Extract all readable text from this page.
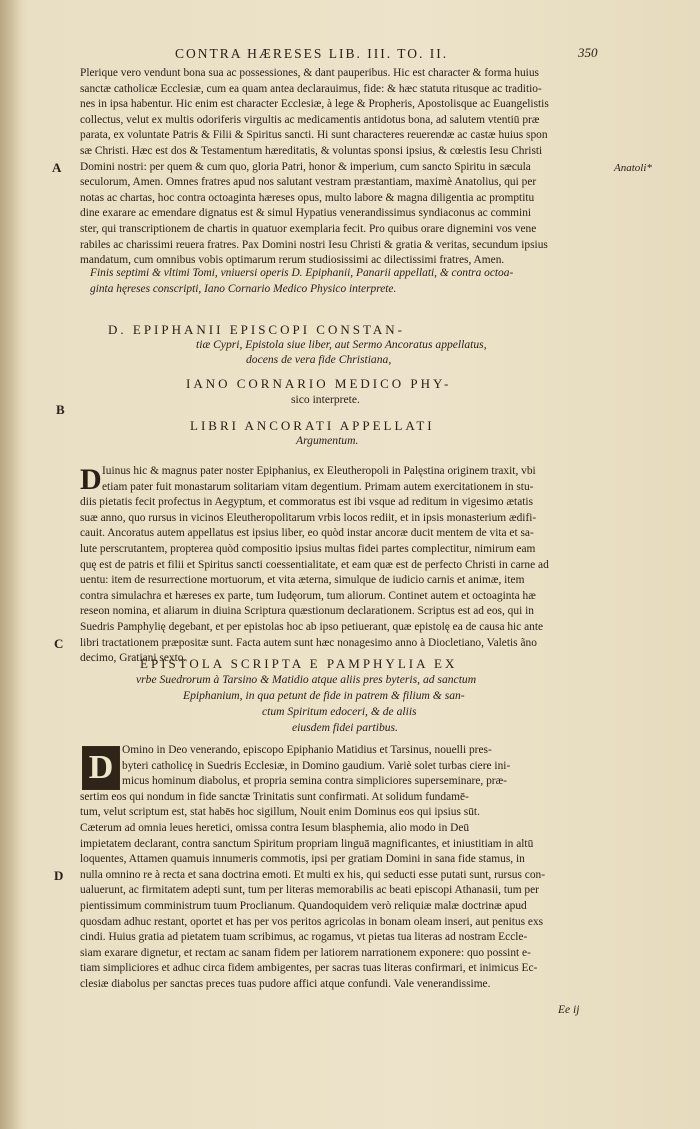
CONTRA HÆRESES LIB. III. TO. II.	350
Plerique vero vendunt bona sua ac possessiones, & dant pauperibus. Hic est character & forma huius
sanctæ catholicæ Ecclesiæ, cum ea quam antea declarauimus, fide: & hæc statuta ritusque ac traditio-
nes in ipsa habentur. Hic enim est character Ecclesiæ, à lege & Propheris, Apostolisque ac Euangelistis
collectus, velut ex multis odoriferis virgultis ac medicamentis antidotus bona, ad salutem vtentiū præ
parata, ex voluntate Patris & Filii & Spiritus sancti. Hi sunt characteres reuerendæ ac castæ huius spon
sæ Christi. Hæc est dos & Testamentum hæreditatis, & voluntas sponsi ipsius, & cœlestis Iesu Christi
Domini nostri: per quem & cum quo, gloria Patri, honor & imperium, cum sancto Spiritu in sæcula
seculorum, Amen. Omnes fratres apud nos salutant vestram præstantiam, maximè Anatolius, qui per
notas ac chartas, hoc contra octoaginta hæreses opus, multo labore & magna diligentia ac promptitu
dine exarare ac emendare dignatus est & simul Hypatius venerandissimus syndiaconus ac commini
ster, qui transcriptionem de chartis in quatuor exemplaria fecit. Pro quibus orare dignemini vos vene
rabiles ac charissimi reuera fratres. Pax Domini nostri Iesu Christi & gratia & veritas, secundum ipsius
mandatum, cum omnibus vobis optimarum rerum studiosissimi ac dilectissimi fratres, Amen.
A	Anatoli*
Finis septimi & vltimi Tomi, vniuersi operis D. Epiphanii, Panarii appellati, & contra octoa-
ginta hęreses conscripti, Iano Cornario Medico Physico interprete.
D. EPIPHANII EPISCOPI CONSTAN-
tiæ Cypri, Epistola siue liber, aut Sermo Ancoratus appellatus,
docens de vera fide Christiana,
IANO CORNARIO MEDICO PHY-
sico interprete.
B
LIBRI ANCORATI APPELLATI
Argumentum.
D Iuinus hic & magnus pater noster Epiphanius, ex Eleutheropoli in Palęstina originem traxit, vbi
etiam pater fuit monastarum solitariam vitam degentium. Primam autem exercitationem in stu-
diis pietatis fecit profectus in Aegyptum, et commoratus est ibi vsque ad reditum in vigesimo ætatis
suæ anno, quo rursus in vicinos Eleutheropolitarum vrbis locos rediit, et in ipsis monasterium ædifi-
cauit. Ancoratus autem appellatus est ipsius liber, eo quòd instar ancoræ ducit mentem de vita et sa-
lute perscrutantem, propterea quòd compositio ipsius multas fidei partes complectitur, nimirum eam
quę est de patris et filii et Spiritus sancti coessentialitate, et eam quæ est de perfecto Christi in carne ad
uentu: item de resurrectione mortuorum, et vita æterna, simulque de iudicio carnis et animæ, item
contra simulachra et hæreses ex parte, tum Iudęorum, tum aliorum. Continet autem et octoaginta hæ
reseon nomina, et aliarum in diuina Scriptura quæstionum declarationem. Scriptus est ad eos, qui in
Suedris Pamphylię degebant, et per epistolas hoc ab ipso petiuerant, quæ epistolę ea de causa hic ante
libri tractationem præpositæ sunt. Facta autem sunt hæc nonagesimo anno à Diocletiano, Valetis ãno
decimo, Gratiani sexto.
C
EPISTOLA SCRIPTA E PAMPHYLIA EX
vrbe Suedrorum à Tarsino & Matidio atque aliis pres byteris, ad sanctum
Epiphanium, in qua petunt de fide in patrem & filium & san-
ctum Spiritum edoceri, & de aliis
eiusdem fidei partibus.
D Omino in Deo venerando, episcopo Epiphanio Matidius et Tarsinus, nouelli pres-
byteri catholicę in Suedris Ecclesiæ, in Domino gaudium. Variè solet turbas ciere ini-
micus hominum diabolus, et propria semina contra simpliciores superseminare, præ-
sertim eos qui nondum in fide sanctæ Trinitatis sunt confirmati. At solidum fundamē-
tum, velut scriptum est, stat habēs hoc sigillum, Nouit enim Dominus eos qui ipsius sūt.
Cæterum ad omnia leues heretici, omissa contra Iesum blasphemia, alio modo in Deū
impietatem declarant, contra sanctum Spiritum propriam linguā magnificantes, et iniustitiam in altū
loquentes, Attamen quamuis innumeris commotis, ipsi per gratiam Domini in sana fide stamus, in
nulla omnino re à recta et sana doctrina emoti. Et multi ex his, qui seducti esse putati sunt, rursus con-
ualuerunt, ac firmitatem adepti sunt, tum per literas memorabilis ac beati episcopi Athanasii, tum per
pientissimum comministrum tuum Proclianum. Quandoquidem verò reliquiæ malæ doctrinæ apud
quosdam adhuc restant, oportet et has per vos peritos agricolas in bonam oleam inseri, aut penitus exs
cindi. Huius gratia ad pietatem tuam scribimus, ac rogamus, vt pietas tua literas ad nostram Eccle-
siam exarare dignetur, et rectam ac sanam fidem per latiorem narrationem exponere: quo possint e-
tiam simpliciores et adhuc circa fidem ambigentes, per sacras tuas literas confirmari, et inimicus Ec-
clesiæ diabolus per sanctas preces tuas pudore affici atque confundi. Vale venerandissime.
D
Ee ij
